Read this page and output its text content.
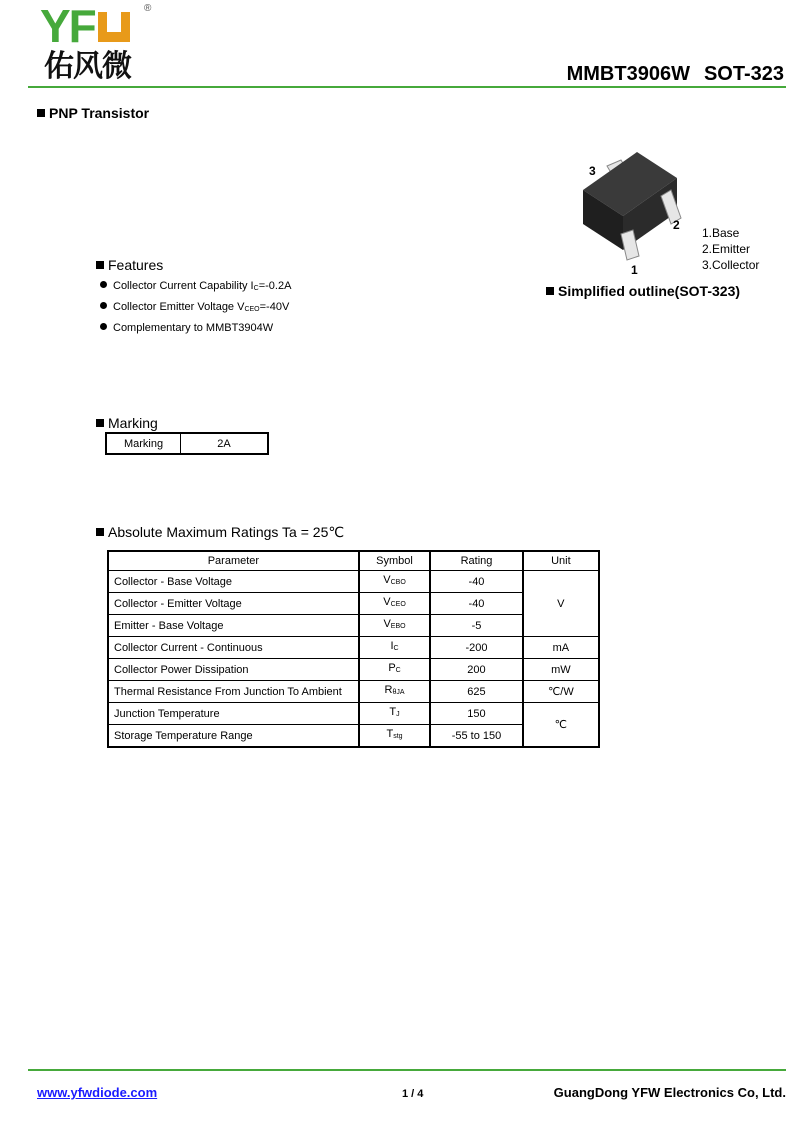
YF	®
佑风微	MMBT3906W SOT-323
PNP Transistor
3
2
1
1.Base
2.Emitter
3.Collector
Simplified outline(SOT-323)
Features
Collector Current Capability $I_C=-0.2A$
Collector Emitter Voltage $V_{CEO}=-40V$
Complementary to MMBT3904W
Marking
Marking	2A
Absolute Maximum Ratings Ta = 25℃
Parameter	Symbol	Rating	Unit
Collector - Base Voltage	$V_{CBO}$	-40	V
Collector - Emitter Voltage	$V_{CEO}$	-40	
Emitter - Base Voltage	$V_{EBO}$	-5	
Collector Current - Continuous	$I_C$	-200	mA
Collector Power Dissipation	$P_C$	200	mW
Thermal Resistance From Junction To Ambient	$R_{\theta JA}$	625	℃/W
Junction Temperature	$T_J$	150	℃
Storage Temperature Range	$T_{stg}$	-55 to 150	
www.yfwdiode.com	1 / 4	GuangDong YFW Electronics Co, Ltd.
